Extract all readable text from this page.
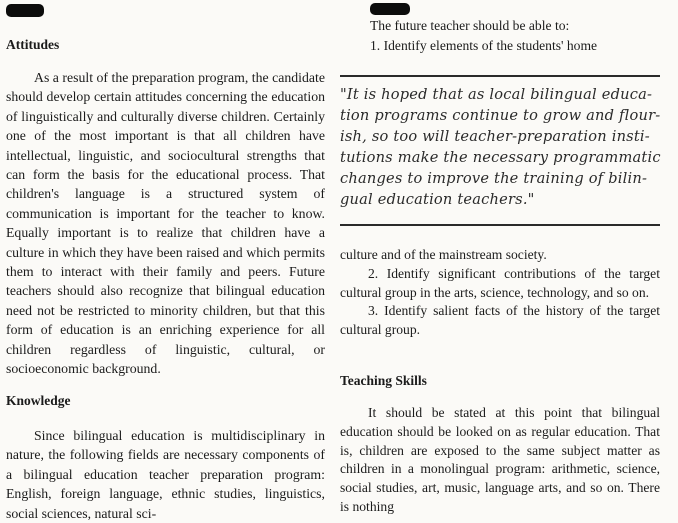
Attitudes

As a result of the preparation program, the candidate should develop certain attitudes concerning the education of linguistically and culturally diverse children. Certainly one of the most important is that all children have intellectual, linguistic, and sociocultural strengths that can form the basis for the educational process. That children's language is a structured system of communication is important for the teacher to know. Equally important is to realize that children have a culture in which they have been raised and which permits them to interact with their family and peers. Future teachers should also recognize that bilingual education need not be restricted to minority children, but that this form of education is an enriching experience for all children regardless of linguistic, cultural, or socioeconomic background.

Knowledge

Since bilingual education is multidisciplinary in nature, the following fields are necessary components of a bilingual education teacher preparation program: English, foreign language, ethnic studies, linguistics, social sciences, natural sci-

The future teacher should be able to:
1. Identify elements of the students' home
"It is hoped that as local bilingual educa-
tion programs continue to grow and flour-
ish, so too will teacher-preparation insti-
tutions make the necessary programmatic
changes to improve the training of bilin-
gual education teachers."

culture and of the mainstream society.

2. Identify significant contributions of the target cultural group in the arts, science, technology, and so on.

3. Identify salient facts of the history of the target cultural group.

Teaching Skills

It should be stated at this point that bilingual education should be looked on as regular education. That is, children are exposed to the same subject matter as children in a monolingual program: arithmetic, science, social studies, art, music, language arts, and so on. There is nothing
